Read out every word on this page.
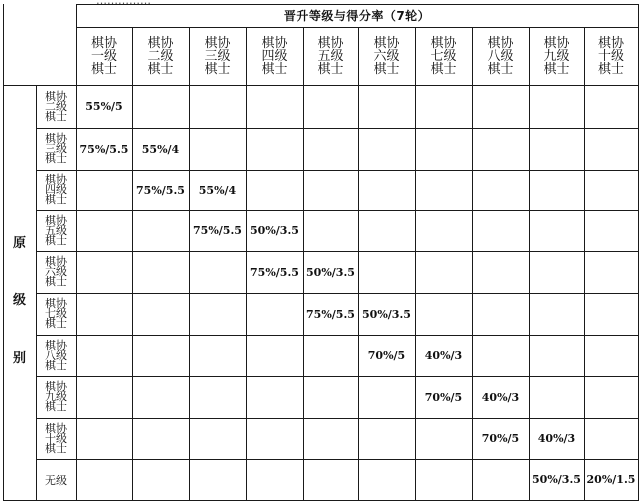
晋升等级与得分率（7轮）
棋协一级棋士
棋协二级棋士
棋协三级棋士
棋协四级棋士
棋协五级棋士
棋协六级棋士
棋协七级棋士
棋协八级棋士
棋协九级棋士
棋协十级棋士
原
级
别
棋协二级棋士
55%/5
棋协三级棋士
75%/5.5 55%/4
棋协四级棋士
75%/5.5 55%/4
棋协五级棋士
75%/5.5 50%/3.5
棋协六级棋士
75%/5.5 50%/3.5
棋协七级棋士
75%/5.5 50%/3.5
棋协八级棋士
70%/5 40%/3
棋协九级棋士
70%/5 40%/3
棋协十级棋士
70%/5 40%/3
无级	50%/3.5 20%/1.5
